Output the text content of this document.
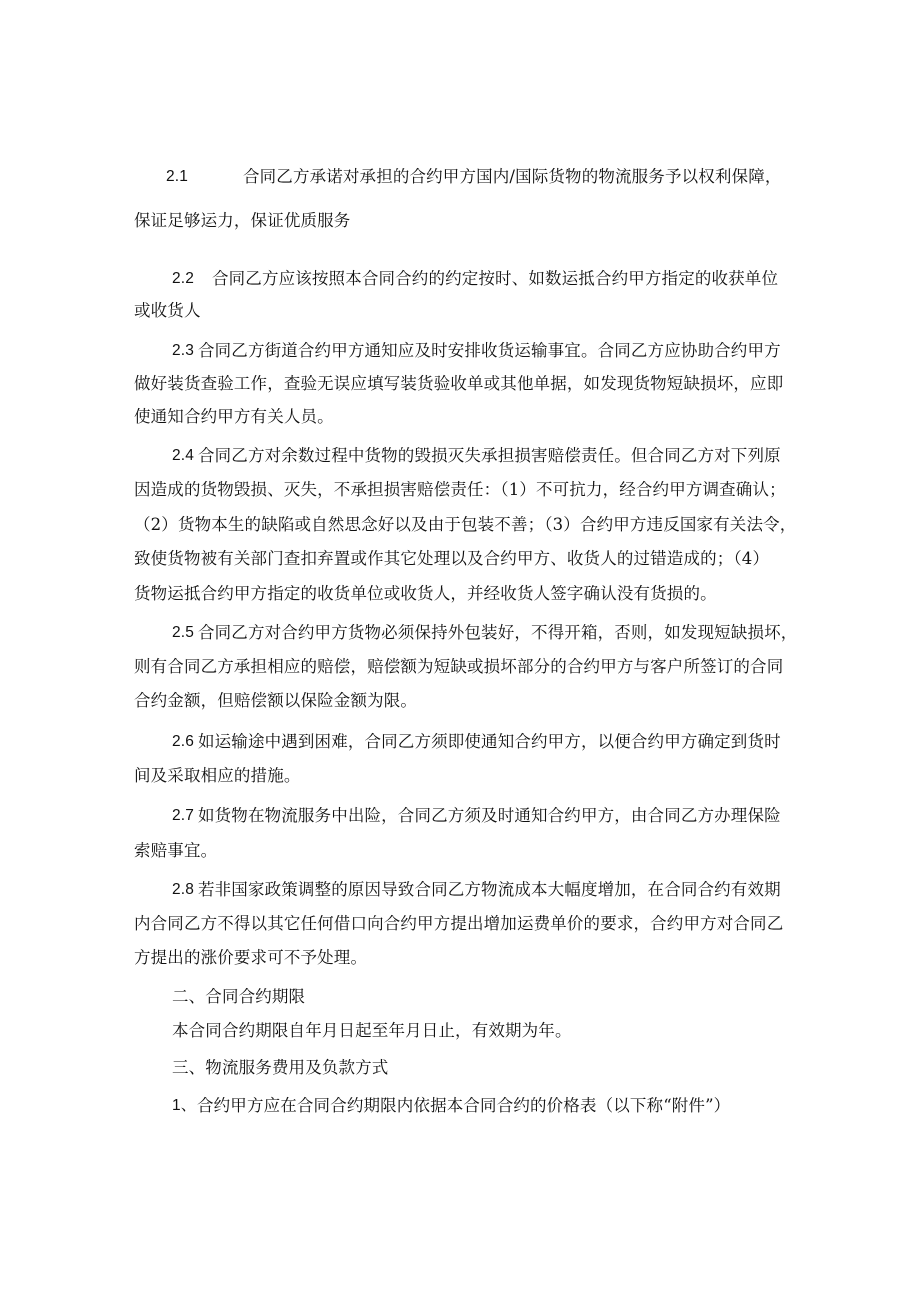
2.1	合同乙方承诺对承担的合约甲方国内/国际货物的物流服务予以权利保障，
保证足够运力，保证优质服务
2.2 合同乙方应该按照本合同合约的约定按时、如数运抵合约甲方指定的收获单位
或收货人
2.3 合同乙方街道合约甲方通知应及时安排收货运输事宜。合同乙方应协助合约甲方
做好装货查验工作，查验无误应填写装货验收单或其他单据，如发现货物短缺损坏，应即
使通知合约甲方有关人员。
2.4 合同乙方对余数过程中货物的毁损灭失承担损害赔偿责任。但合同乙方对下列原
因造成的货物毁损、灭失，不承担损害赔偿责任：（1）不可抗力，经合约甲方调查确认；
（2）货物本生的缺陷或自然思念好以及由于包装不善；（3）合约甲方违反国家有关法令，
致使货物被有关部门查扣弃置或作其它处理以及合约甲方、收货人的过错造成的；（4）
货物运抵合约甲方指定的收货单位或收货人，并经收货人签字确认没有货损的。
2.5 合同乙方对合约甲方货物必须保持外包装好，不得开箱，否则，如发现短缺损坏，
则有合同乙方承担相应的赔偿，赔偿额为短缺或损坏部分的合约甲方与客户所签订的合同
合约金额，但赔偿额以保险金额为限。
2.6 如运输途中遇到困难，合同乙方须即使通知合约甲方，以便合约甲方确定到货时
间及采取相应的措施。
2.7 如货物在物流服务中出险，合同乙方须及时通知合约甲方，由合同乙方办理保险
索赔事宜。
2.8 若非国家政策调整的原因导致合同乙方物流成本大幅度增加，在合同合约有效期
内合同乙方不得以其它任何借口向合约甲方提出增加运费单价的要求，合约甲方对合同乙
方提出的涨价要求可不予处理。
二、合同合约期限
本合同合约期限自年月日起至年月日止，有效期为年。
三、物流服务费用及负款方式
1、 合约甲方应在合同合约期限内依据本合同合约的价格表（以下称“附件”）
